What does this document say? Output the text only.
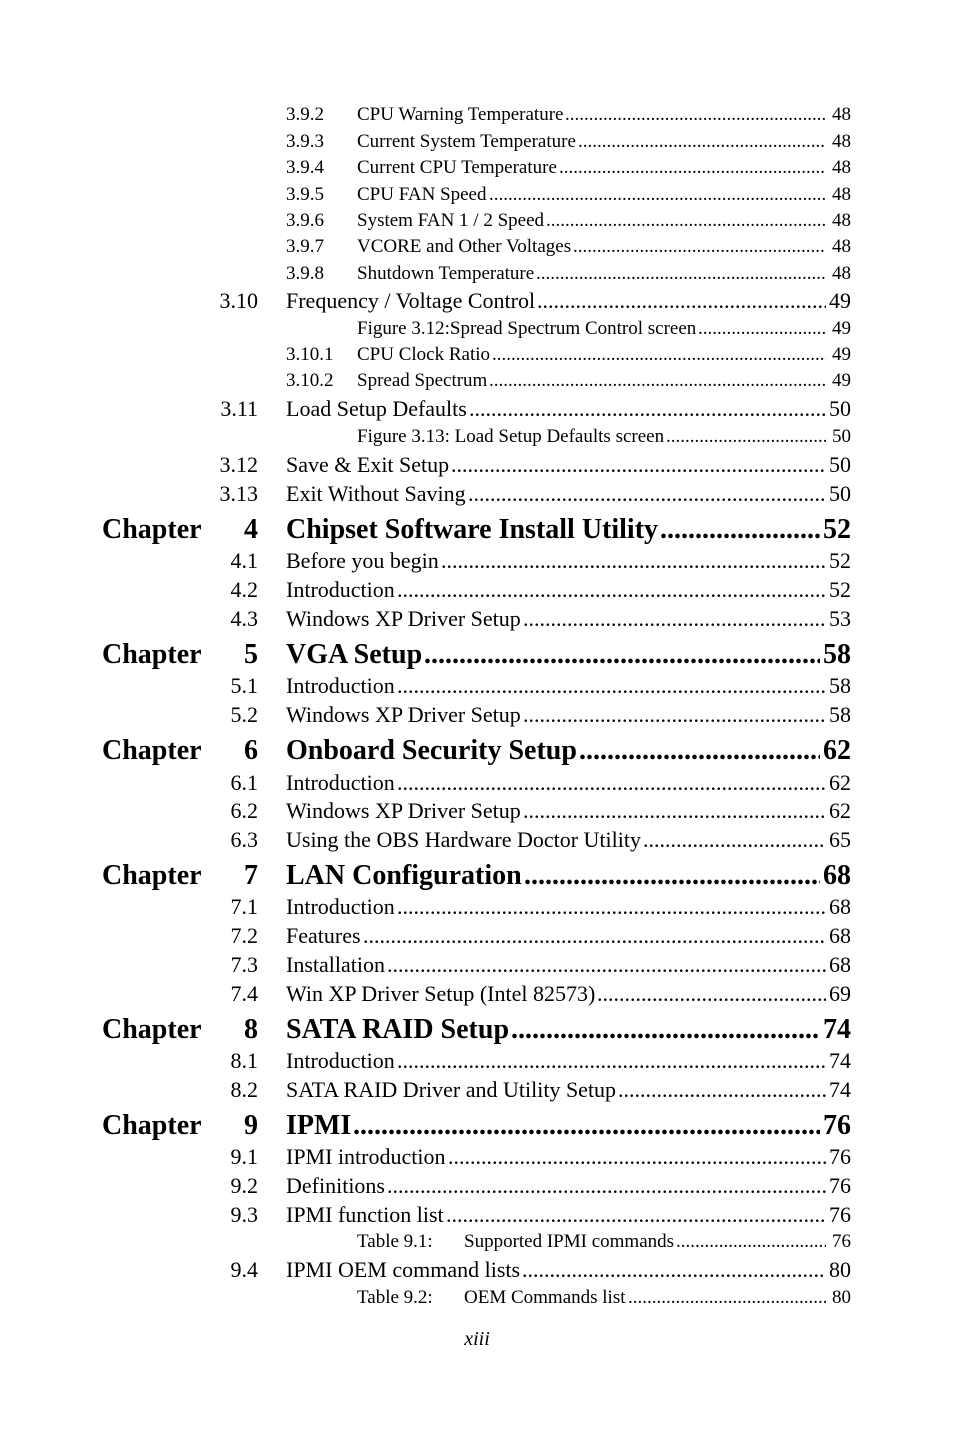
3.9.2 CPU Warning Temperature .....	48
3.9.3 Current System Temperature .....	48
3.9.4 Current CPU Temperature .....	48
3.9.5 CPU FAN Speed .....	48
3.9.6 System FAN 1 / 2 Speed .....	48
3.9.7 VCORE and Other Voltages .....	48
3.9.8 Shutdown Temperature .....	48
3.10 Frequency / Voltage Control .....	49
Figure 3.12:Spread Spectrum Control screen .....	49
3.10.1 CPU Clock Ratio .....	49
3.10.2 Spread Spectrum .....	49
3.11 Load Setup Defaults .....	50
Figure 3.13: Load Setup Defaults screen .....	50
3.12 Save & Exit Setup .....	50
3.13 Exit Without Saving .....	50
Chapter	4 Chipset Software Install Utility .....	52
4.1 Before you begin .....	52
4.2 Introduction .....	52
4.3 Windows XP Driver Setup .....	53
Chapter	5 VGA Setup .....	58
5.1 Introduction .....	58
5.2 Windows XP Driver Setup .....	58
Chapter	6 Onboard Security Setup .....	62
6.1 Introduction .....	62
6.2 Windows XP Driver Setup .....	62
6.3 Using the OBS Hardware Doctor Utility .....	65
Chapter	7 LAN Configuration .....	68
7.1 Introduction .....	68
7.2 Features .....	68
7.3 Installation .....	68
7.4 Win XP Driver Setup (Intel 82573) .....	69
Chapter	8 SATA RAID Setup .....	74
8.1 Introduction .....	74
8.2 SATA RAID Driver and Utility Setup .....	74
Chapter	9 IPMI .....	76
9.1 IPMI introduction .....	76
9.2 Definitions .....	76
9.3 IPMI function list .....	76
Table 9.1: Supported IPMI commands .....	76
9.4 IPMI OEM command lists .....	80
Table 9.2: OEM Commands list .....	80
xiii
